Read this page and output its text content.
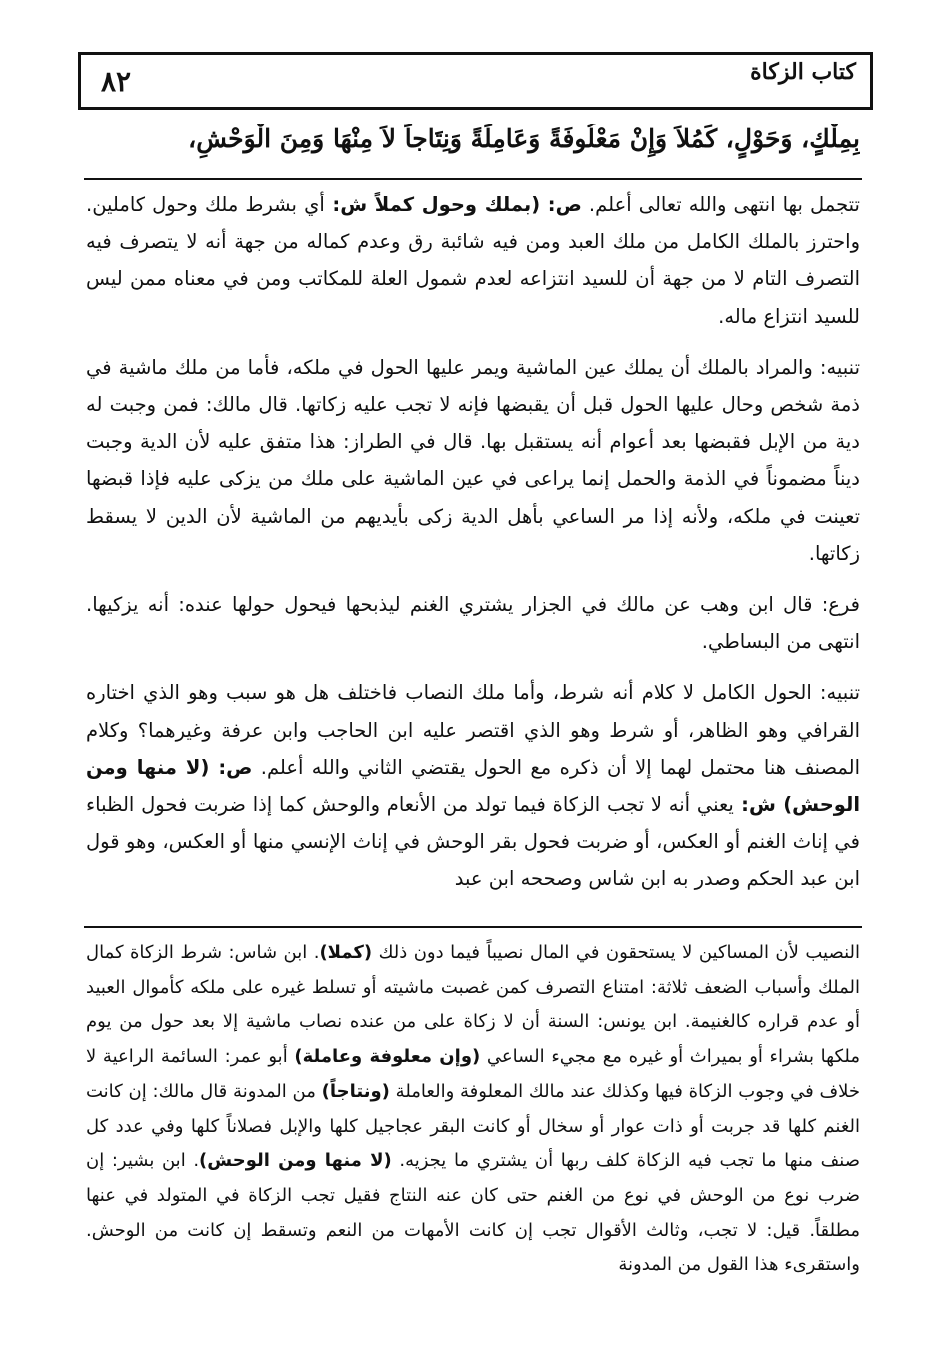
٨٢	كتاب الزكاة
بِمِلْكٍ، وَحَوْلٍ، كَمُلاَ وَإِنْ مَعْلُوفَةً وَعَامِلَةً وَنِتَاجاً لاَ مِنْهَا وَمِنَ الْوَحْشِ،

تتجمل بها انتهى والله تعالى أعلم. ص: (بملك وحول كملاً ش: أي بشرط ملك وحول كاملين. واحترز بالملك الكامل من ملك العبد ومن فيه شائبة رق وعدم كماله من جهة أنه لا يتصرف فيه التصرف التام لا من جهة أن للسيد انتزاعه لعدم شمول العلة للمكاتب ومن في معناه ممن ليس للسيد انتزاع ماله.

تنبيه: والمراد بالملك أن يملك عين الماشية ويمر عليها الحول في ملكه، فأما من ملك ماشية في ذمة شخص وحال عليها الحول قبل أن يقبضها فإنه لا تجب عليه زكاتها. قال مالك: فمن وجبت له دية من الإبل فقبضها بعد أعوام أنه يستقبل بها. قال في الطراز: هذا متفق عليه لأن الدية وجبت ديناً مضموناً في الذمة والحمل إنما يراعى في عين الماشية على ملك من يزكى عليه فإذا قبضها تعينت في ملكه، ولأنه إذا مر الساعي بأهل الدية زكى بأيديهم من الماشية لأن الدين لا يسقط زكاتها.

فرع: قال ابن وهب عن مالك في الجزار يشتري الغنم ليذبحها فيحول حولها عنده: أنه يزكيها. انتهى من البساطي.

تنبيه: الحول الكامل لا كلام أنه شرط، وأما ملك النصاب فاختلف هل هو سبب وهو الذي اختاره القرافي وهو الظاهر، أو شرط وهو الذي اقتصر عليه ابن الحاجب وابن عرفة وغيرهما؟ وكلام المصنف هنا محتمل لهما إلا أن ذكره مع الحول يقتضي الثاني والله أعلم. ص: (لا منها ومن الوحش) ش: يعني أنه لا تجب الزكاة فيما تولد من الأنعام والوحش كما إذا ضربت فحول الظباء في إناث الغنم أو العكس، أو ضربت فحول بقر الوحش في إناث الإنسي منها أو العكس، وهو قول ابن عبد الحكم وصدر به ابن شاس وصححه ابن عبد

النصيب لأن المساكين لا يستحقون في المال نصيباً فيما دون ذلك (كملا). ابن شاس: شرط الزكاة كمال الملك وأسباب الضعف ثلاثة: امتناع التصرف كمن غصبت ماشيته أو تسلط غيره على ملكه كأموال العبيد أو عدم قراره كالغنيمة. ابن يونس: السنة أن لا زكاة على من عنده نصاب ماشية إلا بعد حول من يوم ملكها بشراء أو بميراث أو غيره مع مجيء الساعي (وإن معلوفة وعاملة) أبو عمر: السائمة الراعية لا خلاف في وجوب الزكاة فيها وكذلك عند مالك المعلوفة والعاملة (ونتاجاً) من المدونة قال مالك: إن كانت الغنم كلها قد جربت أو ذات عوار أو سخال أو كانت البقر عجاجيل كلها والإبل فصلاناً كلها وفي عدد كل صنف منها ما تجب فيه الزكاة كلف ربها أن يشتري ما يجزيه. (لا منها ومن الوحش). ابن بشير: إن ضرب نوع من الوحش في نوع من الغنم حتى كان عنه النتاج فقيل تجب الزكاة في المتولد في عنها مطلقاً. قيل: لا تجب، وثالث الأقوال تجب إن كانت الأمهات من النعم وتسقط إن كانت من الوحش. واستقرىء هذا القول من المدونة
